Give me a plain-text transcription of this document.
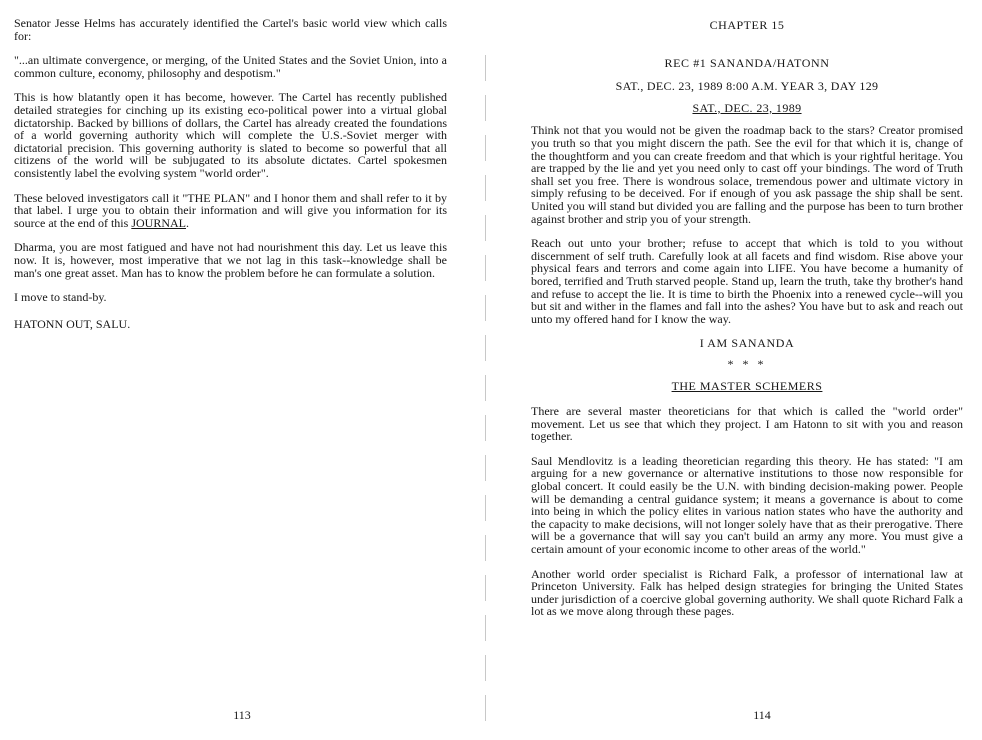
Senator Jesse Helms has accurately identified the Cartel's basic world view which calls for:

"...an ultimate convergence, or merging, of the United States and the Soviet Union, into a common culture, economy, philosophy and despotism."

This is how blatantly open it has become, however. The Cartel has recently published detailed strategies for cinching up its existing eco-political power into a virtual global dictatorship. Backed by billions of dollars, the Cartel has already created the foundations of a world governing authority which will complete the U.S.-Soviet merger with dictatorial precision. This governing authority is slated to become so powerful that all citizens of the world will be subjugated to its absolute dictates. Cartel spokesmen consistently label the evolving system "world order".

These beloved investigators call it "THE PLAN" and I honor them and shall refer to it by that label. I urge you to obtain their information and will give you information for its source at the end of this JOURNAL.

Dharma, you are most fatigued and have not had nourishment this day. Let us leave this now. It is, however, most imperative that we not lag in this task--knowledge shall be man's one great asset. Man has to know the problem before he can formulate a solution.

I move to stand-by.

HATONN OUT, SALU.

113
CHAPTER 15
REC #1 SANANDA/HATONN
SAT., DEC. 23, 1989 8:00 A.M. YEAR 3, DAY 129
SAT., DEC. 23, 1989

Think not that you would not be given the roadmap back to the stars? Creator promised you truth so that you might discern the path. See the evil for that which it is, change of the thoughtform and you can create freedom and that which is your rightful heritage. You are trapped by the lie and yet you need only to cast off your bindings. The word of Truth shall set you free. There is wondrous solace, tremendous power and ultimate victory in simply refusing to be deceived. For if enough of you ask passage the ship shall be sent. United you will stand but divided you are falling and the purpose has been to turn brother against brother and strip you of your strength.

Reach out unto your brother; refuse to accept that which is told to you without discernment of self truth. Carefully look at all facets and find wisdom. Rise above your physical fears and terrors and come again into LIFE. You have become a humanity of bored, terrified and Truth starved people. Stand up, learn the truth, take thy brother's hand and refuse to accept the lie. It is time to birth the Phoenix into a renewed cycle--will you but sit and wither in the flames and fall into the ashes? You have but to ask and reach out unto my offered hand for I know the way.

I AM SANANDA
* * *
THE MASTER SCHEMERS

There are several master theoreticians for that which is called the "world order" movement. Let us see that which they project. I am Hatonn to sit with you and reason together.

Saul Mendlovitz is a leading theoretician regarding this theory. He has stated: "I am arguing for a new governance or alternative institutions to those now responsible for global concert. It could easily be the U.N. with binding decision-making power. People will be demanding a central guidance system; it means a governance is about to come into being in which the policy elites in various nation states who have the authority and the capacity to make decisions, will not longer solely have that as their prerogative. There will be a governance that will say you can't build an army any more. You must give a certain amount of your economic income to other areas of the world."

Another world order specialist is Richard Falk, a professor of international law at Princeton University. Falk has helped design strategies for bringing the United States under jurisdiction of a coercive global governing authority. We shall quote Richard Falk a lot as we move along through these pages.

114
